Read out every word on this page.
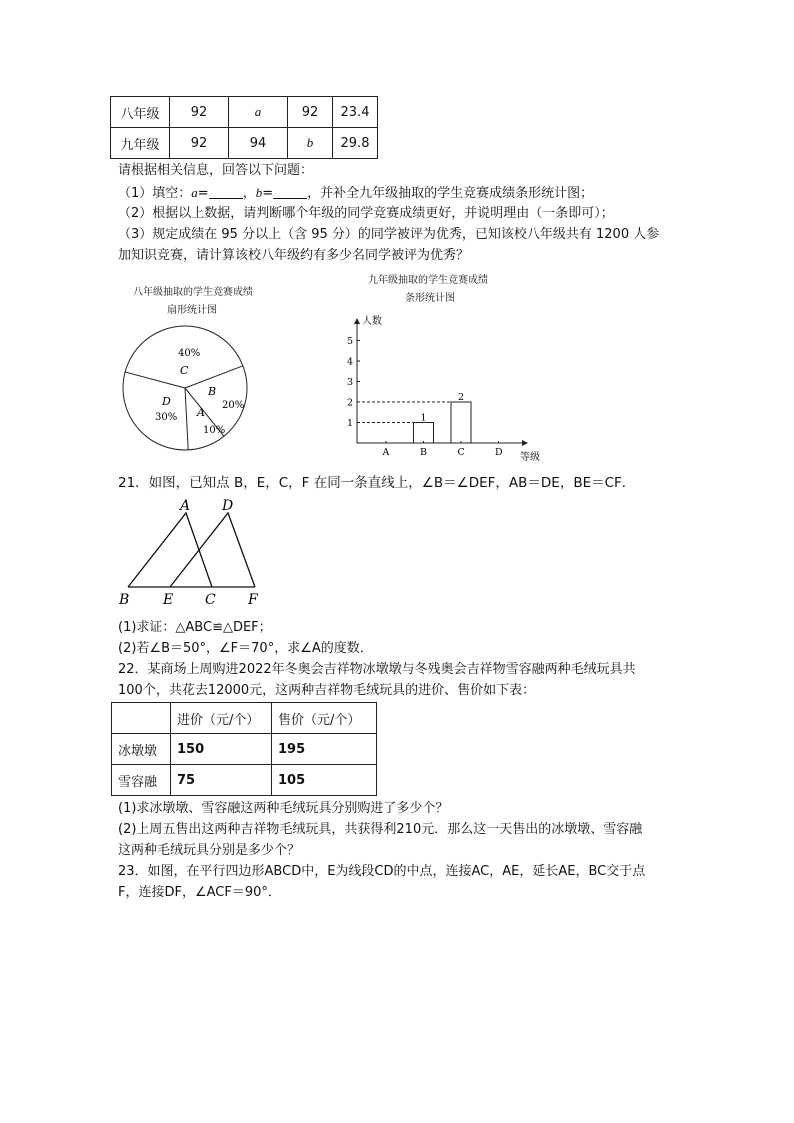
八年级	92	a	92	23.4
九年级	92	94	b	29.8
请根据相关信息，回答以下问题：
（1）填空：a=	，b=	，并补全九年级抽取的学生竞赛成绩条形统计图；
（2）根据以上数据，请判断哪个年级的同学竞赛成绩更好，并说明理由（一条即可）；
（3）规定成绩在 95 分以上（含 95 分）的同学被评为优秀，已知该校八年级共有 1200 人参
加知识竞赛，请计算该校八年级约有多少名同学被评为优秀？
八年级抽取的学生竞赛成绩
扇形统计图
40%
C
B
20%
A
10%
D
30%
九年级抽取的学生竞赛成绩
条形统计图
人数
等级
1
2
3
4
5
A	B	C	D
1
2
21．如图，已知点 B，E，C，F 在同一条直线上，∠B＝∠DEF，AB＝DE，BE＝CF．
A D
B E C F
(1)求证：△ABC≌△DEF；
(2)若∠B＝50°，∠F＝70°，求∠A的度数．
22．某商场上周购进2022年冬奥会吉祥物冰墩墩与冬残奥会吉祥物雪容融两种毛绒玩具共
100个，共花去12000元，这两种吉祥物毛绒玩具的进价、售价如下表：
	进价（元/个）	售价（元/个）
冰墩墩	150	195
雪容融	75	105
(1)求冰墩墩、雪容融这两种毛绒玩具分别购进了多少个？
(2)上周五售出这两种吉祥物毛绒玩具，共获得利210元．那么这一天售出的冰墩墩、雪容融
这两种毛绒玩具分别是多少个？
23．如图，在平行四边形ABCD中，E为线段CD的中点，连接AC，AE，延长AE，BC交于点
F，连接DF，∠ACF＝90°．
